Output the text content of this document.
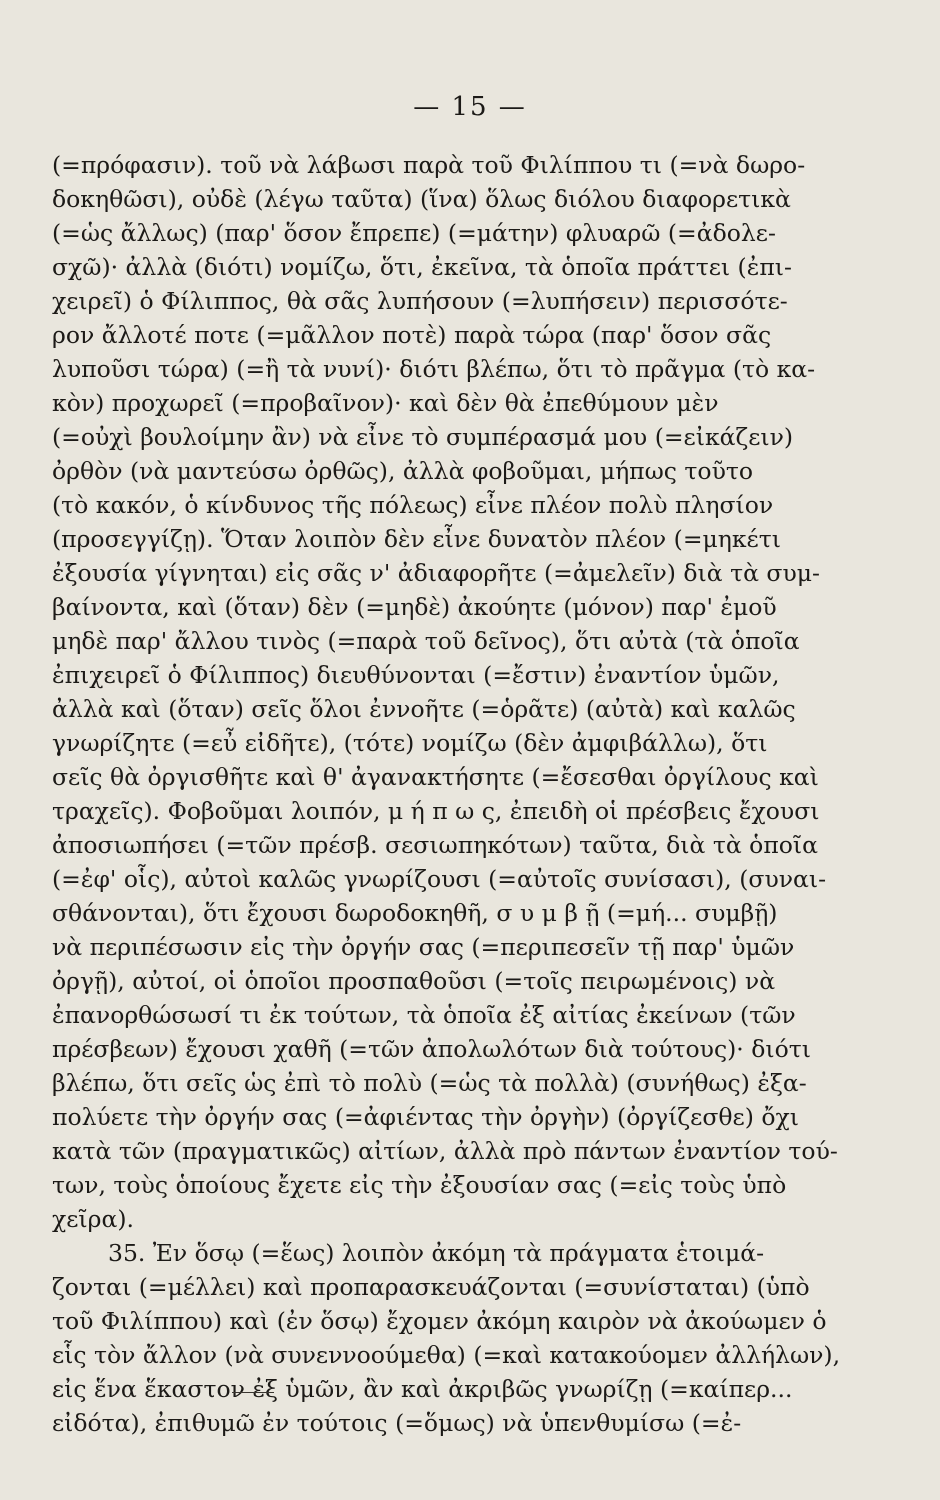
— 15 —
(=πρόφασιν). τοῦ νὰ λάβωσι παρὰ τοῦ Φιλίππου τι (=νὰ δωρο-
δοκηθῶσι), οὐδὲ (λέγω ταῦτα) (ἵνα) ὅλως διόλου διαφορετικὰ
(=ὡς ἄλλως) (παρ' ὅσον ἔπρεπε) (=μάτην) φλυαρῶ (=ἀδολε-
σχῶ)· ἀλλὰ (διότι) νομίζω, ὅτι, ἐκεῖνα, τὰ ὁποῖα πράττει (ἐπι-
χειρεῖ) ὁ Φίλιππος, θὰ σᾶς λυπήσουν (=λυπήσειν) περισσότε-
ρον ἄλλοτέ ποτε (=μᾶλλον ποτὲ) παρὰ τώρα (παρ' ὅσον σᾶς
λυποῦσι τώρα) (=ἢ τὰ νυνί)· διότι βλέπω, ὅτι τὸ πρᾶγμα (τὸ κα-
κὸν) προχωρεῖ (=προβαῖνον)· καὶ δὲν θὰ ἐπεθύμουν μὲν
(=οὐχὶ βουλοίμην ἂν) νὰ εἶνε τὸ συμπέρασμά μου (=εἰκάζειν)
ὀρθὸν (νὰ μαντεύσω ὀρθῶς), ἀλλὰ φοβοῦμαι, μήπως τοῦτο
(τὸ κακόν, ὁ κίνδυνος τῆς πόλεως) εἶνε πλέον πολὺ πλησίον
(προσεγγίζῃ). Ὅταν λοιπὸν δὲν εἶνε δυνατὸν πλέον (=μηκέτι
ἐξουσία γίγνηται) εἰς σᾶς ν' ἀδιαφορῆτε (=ἀμελεῖν) διὰ τὰ συμ-
βαίνοντα, καὶ (ὅταν) δὲν (=μηδὲ) ἀκούητε (μόνον) παρ' ἐμοῦ
μηδὲ παρ' ἄλλου τινὸς (=παρὰ τοῦ δεῖνος), ὅτι αὐτὰ (τὰ ὁποῖα
ἐπιχειρεῖ ὁ Φίλιππος) διευθύνονται (=ἔστιν) ἐναντίον ὑμῶν,
ἀλλὰ καὶ (ὅταν) σεῖς ὅλοι ἐννοῆτε (=ὁρᾶτε) (αὐτὰ) καὶ καλῶς
γνωρίζητε (=εὖ εἰδῆτε), (τότε) νομίζω (δὲν ἀμφιβάλλω), ὅτι
σεῖς θὰ ὀργισθῆτε καὶ θ' ἀγανακτήσητε (=ἔσεσθαι ὀργίλους καὶ
τραχεῖς). Φοβοῦμαι λοιπόν, μ ή π ω ς, ἐπειδὴ οἱ πρέσβεις ἔχουσι
ἀποσιωπήσει (=τῶν πρέσβ. σεσιωπηκότων) ταῦτα, διὰ τὰ ὁποῖα
(=ἐφ' οἷς), αὐτοὶ καλῶς γνωρίζουσι (=αὐτοῖς συνίσασι), (συναι-
σθάνονται), ὅτι ἔχουσι δωροδοκηθῆ, σ υ μ β ῇ (=μή... συμβῇ)
νὰ περιπέσωσιν εἰς τὴν ὀργήν σας (=περιπεσεῖν τῇ παρ' ὑμῶν
ὀργῇ), αὐτοί, οἱ ὁποῖοι προσπαθοῦσι (=τοῖς πειρωμένοις) νὰ
ἐπανορθώσωσί τι ἐκ τούτων, τὰ ὁποῖα ἐξ αἰτίας ἐκείνων (τῶν
πρέσβεων) ἔχουσι χαθῆ (=τῶν ἀπολωλότων διὰ τούτους)· διότι
βλέπω, ὅτι σεῖς ὡς ἐπὶ τὸ πολὺ (=ὡς τὰ πολλὰ) (συνήθως) ἐξα-
πολύετε τὴν ὀργήν σας (=ἀφιέντας τὴν ὀργὴν) (ὀργίζεσθε) ὄχι
κατὰ τῶν (πραγματικῶς) αἰτίων, ἀλλὰ πρὸ πάντων ἐναντίον τού-
των, τοὺς ὁποίους ἔχετε εἰς τὴν ἐξουσίαν σας (=εἰς τοὺς ὑπὸ
χεῖρα).
35. Ἐν ὅσῳ (=ἕως) λοιπὸν ἀκόμη τὰ πράγματα ἑτοιμά-
ζονται (=μέλλει) καὶ προπαρασκευάζονται (=συνίσταται) (ὑπὸ
τοῦ Φιλίππου) καὶ (ἐν ὅσῳ) ἔχομεν ἀκόμη καιρὸν νὰ ἀκούωμεν ὁ
εἷς τὸν ἄλλον (νὰ συνεννοούμεθα) (=καὶ κατακούομεν ἀλλήλων),
εἰς ἕνα ἕκαστον ἐξ ὑμῶν, ἂν καὶ ἀκριβῶς γνωρίζῃ (=καίπερ...
εἰδότα), ἐπιθυμῶ ἐν τούτοις (=ὅμως) νὰ ὑπενθυμίσω (=ἐ-
